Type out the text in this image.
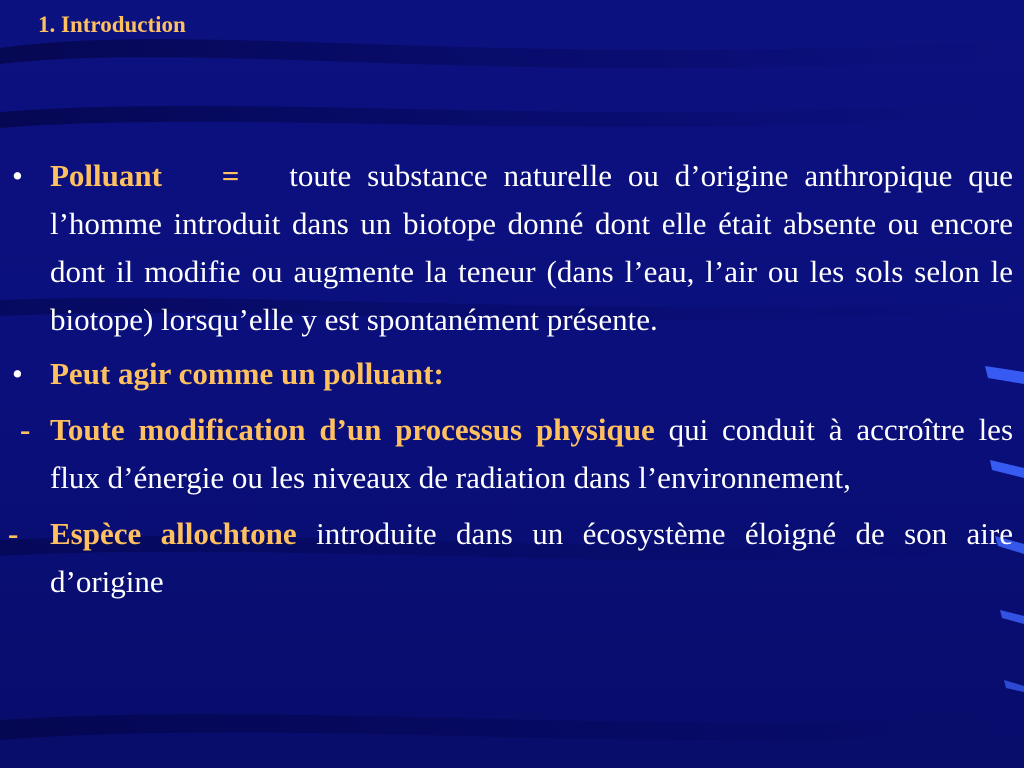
1. Introduction

• Polluant = toute substance naturelle ou d’origine anthropique que l’homme introduit dans un biotope donné dont elle était absente ou encore dont il modifie ou augmente la teneur (dans l’eau, l’air ou les sols selon le biotope) lorsqu’elle y est spontanément présente.

• Peut agir comme un polluant:

- Toute modification d’un processus physique qui conduit à accroître les flux d’énergie ou les niveaux de radiation dans l’environnement,

- Espèce allochtone introduite dans un écosystème éloigné de son aire d’origine
